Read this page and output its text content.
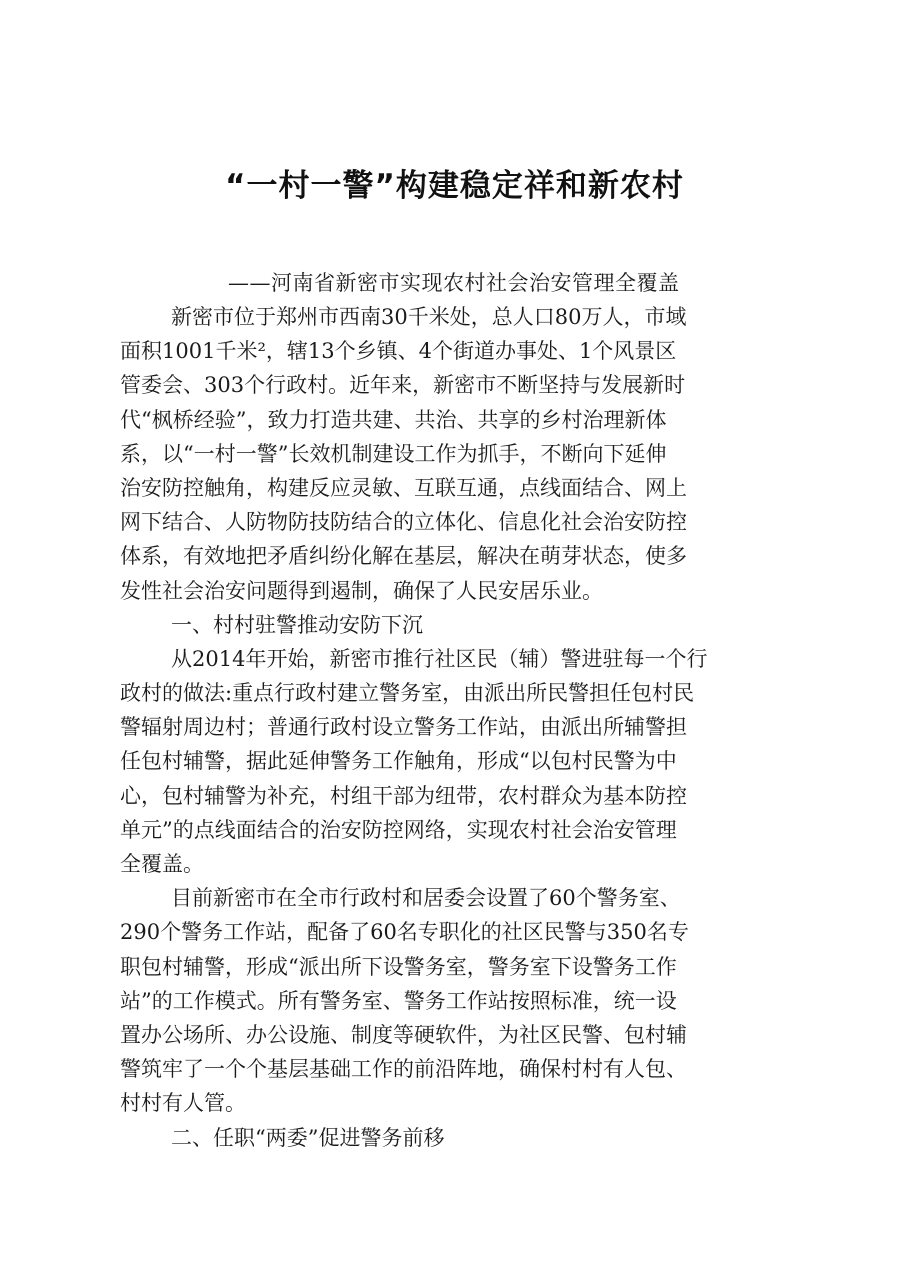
“一村一警”构建稳定祥和新农村
——河南省新密市实现农村社会治安管理全覆盖
新密市位于郑州市西南30千米处，总人口80万人，市域
面积1001千米²，辖13个乡镇、4个街道办事处、1个风景区
管委会、303个行政村。近年来，新密市不断坚持与发展新时
代“枫桥经验”，致力打造共建、共治、共享的乡村治理新体
系，以“一村一警”长效机制建设工作为抓手，不断向下延伸
治安防控触角，构建反应灵敏、互联互通，点线面结合、网上
网下结合、人防物防技防结合的立体化、信息化社会治安防控
体系，有效地把矛盾纠纷化解在基层，解决在萌芽状态，使多
发性社会治安问题得到遏制，确保了人民安居乐业。
一、村村驻警推动安防下沉
从2014年开始，新密市推行社区民（辅）警进驻每一个行
政村的做法:重点行政村建立警务室，由派出所民警担任包村民
警辐射周边村；普通行政村设立警务工作站，由派出所辅警担
任包村辅警，据此延伸警务工作触角，形成“以包村民警为中
心，包村辅警为补充，村组干部为纽带，农村群众为基本防控
单元”的点线面结合的治安防控网络，实现农村社会治安管理
全覆盖。
目前新密市在全市行政村和居委会设置了60个警务室、
290个警务工作站，配备了60名专职化的社区民警与350名专
职包村辅警，形成“派出所下设警务室，警务室下设警务工作
站”的工作模式。所有警务室、警务工作站按照标准，统一设
置办公场所、办公设施、制度等硬软件，为社区民警、包村辅
警筑牢了一个个基层基础工作的前沿阵地，确保村村有人包、
村村有人管。
二、任职“两委”促进警务前移
